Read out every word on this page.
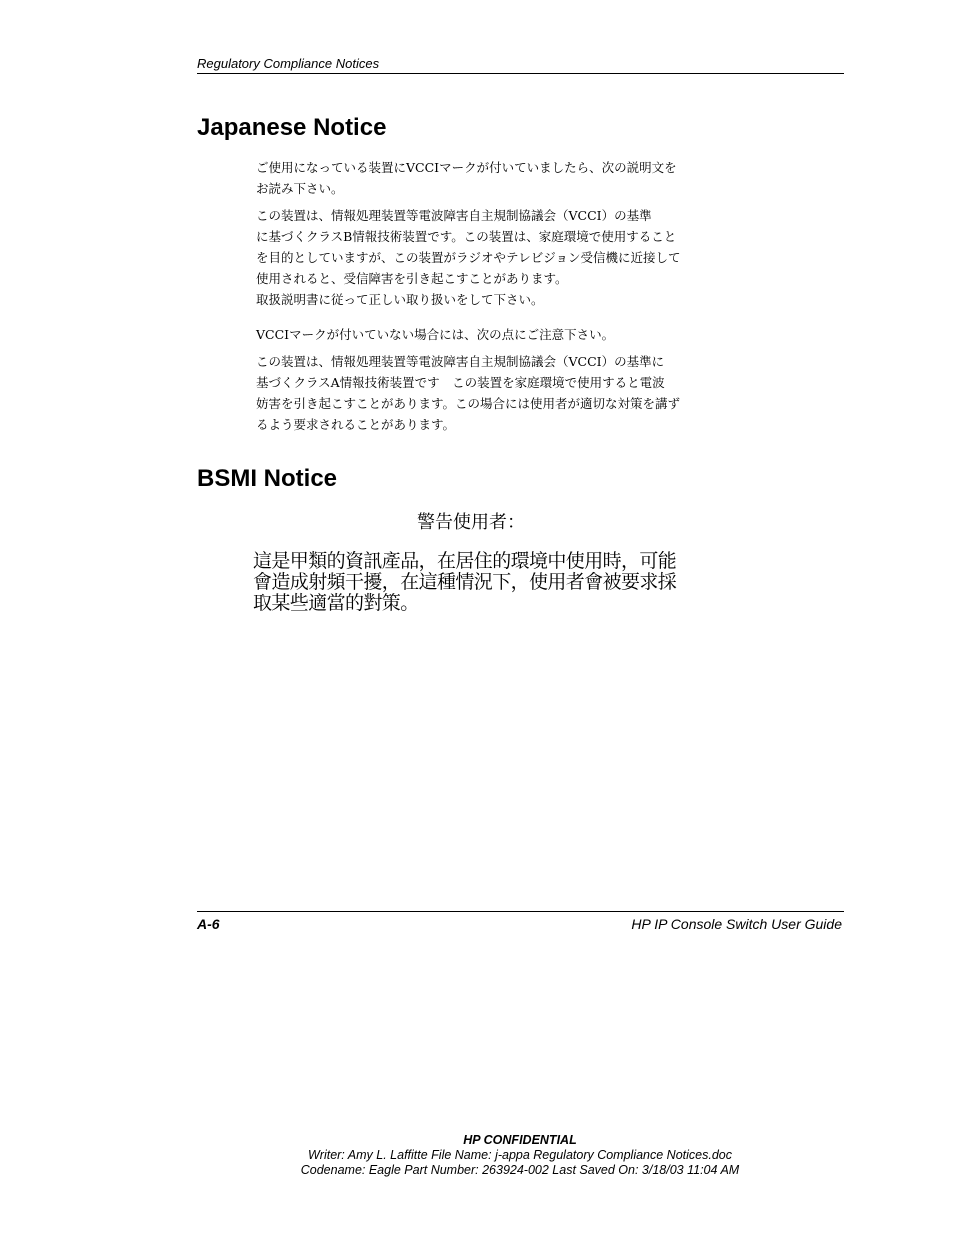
Regulatory Compliance Notices
Japanese Notice
ご使用になっている装置にVCCIマークが付いていましたら、次の説明文を
お読み下さい。
この装置は、情報処理装置等電波障害自主規制協議会（VCCI）の基準
に基づくクラスB情報技術装置です。この装置は、家庭環境で使用すること
を目的としていますが、この装置がラジオやテレビジョン受信機に近接して
使用されると、受信障害を引き起こすことがあります。
取扱説明書に従って正しい取り扱いをして下さい。
VCCIマークが付いていない場合には、次の点にご注意下さい。
この装置は、情報処理装置等電波障害自主規制協議会（VCCI）の基準に
基づくクラスA情報技術装置です　この装置を家庭環境で使用すると電波
妨害を引き起こすことがあります。この場合には使用者が適切な対策を講ず
るよう要求されることがあります。
BSMI Notice
警告使用者：
這是甲類的資訊產品，在居住的環境中使用時，可能
會造成射頻干擾，在這種情況下，使用者會被要求採
取某些適當的對策。
A-6	HP IP Console Switch User Guide
HP CONFIDENTIAL
Writer: Amy L. Laffitte File Name: j-appa Regulatory Compliance Notices.doc
Codename: Eagle Part Number: 263924-002 Last Saved On: 3/18/03 11:04 AM
